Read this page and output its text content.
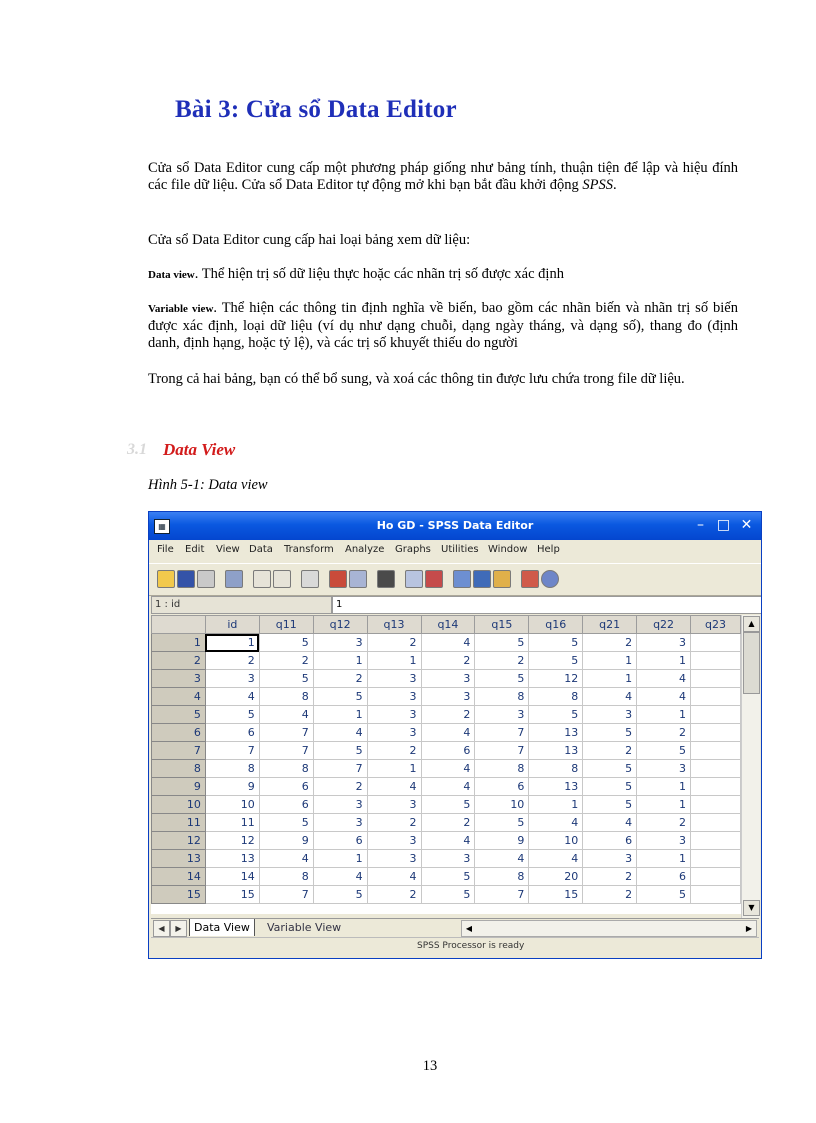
Bài 3: Cửa sổ Data Editor
Cửa sổ Data Editor cung cấp một phương pháp giống như bảng tính, thuận tiện để lập và hiệu đính các file dữ liệu. Cửa sổ Data Editor tự động mở khi bạn bắt đầu khởi động SPSS.
Cửa sổ Data Editor cung cấp hai loại bảng xem dữ liệu:
Data view. Thể hiện trị số dữ liệu thực hoặc các nhãn trị số được xác định
Variable view. Thể hiện các thông tin định nghĩa về biến, bao gồm các nhãn biến và nhãn trị số biến được xác định, loại dữ liệu (ví dụ như dạng chuỗi, dạng ngày tháng, và dạng số), thang đo (định danh, định hạng, hoặc tỷ lệ), và các trị số khuyết thiếu do người
Trong cả hai bảng, bạn có thể bổ sung, và xoá các thông tin được lưu chứa trong file dữ liệu.
3.1 Data View
Hình 5-1: Data view
▦	Ho GD - SPSS Data Editor	– □ ✕
File Edit View Data Transform Analyze Graphs Utilities Window Help
1 : id	1
	id	q11	q12	q13	q14	q15	q16	q21	q22	q23
1	1	5	3	2	4	5	5	2	3	
2	2	2	1	1	2	2	5	1	1	
3	3	5	2	3	3	5	12	1	4	
4	4	8	5	3	3	8	8	4	4	
5	5	4	1	3	2	3	5	3	1	
6	6	7	4	3	4	7	13	5	2	
7	7	7	5	2	6	7	13	2	5	
8	8	8	7	1	4	8	8	5	3	
9	9	6	2	4	4	6	13	5	1	
10	10	6	3	3	5	10	1	5	1	
11	11	5	3	2	2	5	4	4	2	
12	12	9	6	3	4	9	10	6	3	
13	13	4	1	3	3	4	4	3	1	
14	14	8	4	4	5	8	20	2	6	
15	15	7	5	2	5	7	15	2	5	
▲
▼
◀	▶	Data View	Variable View	◀	▶
SPSS Processor is ready
13
